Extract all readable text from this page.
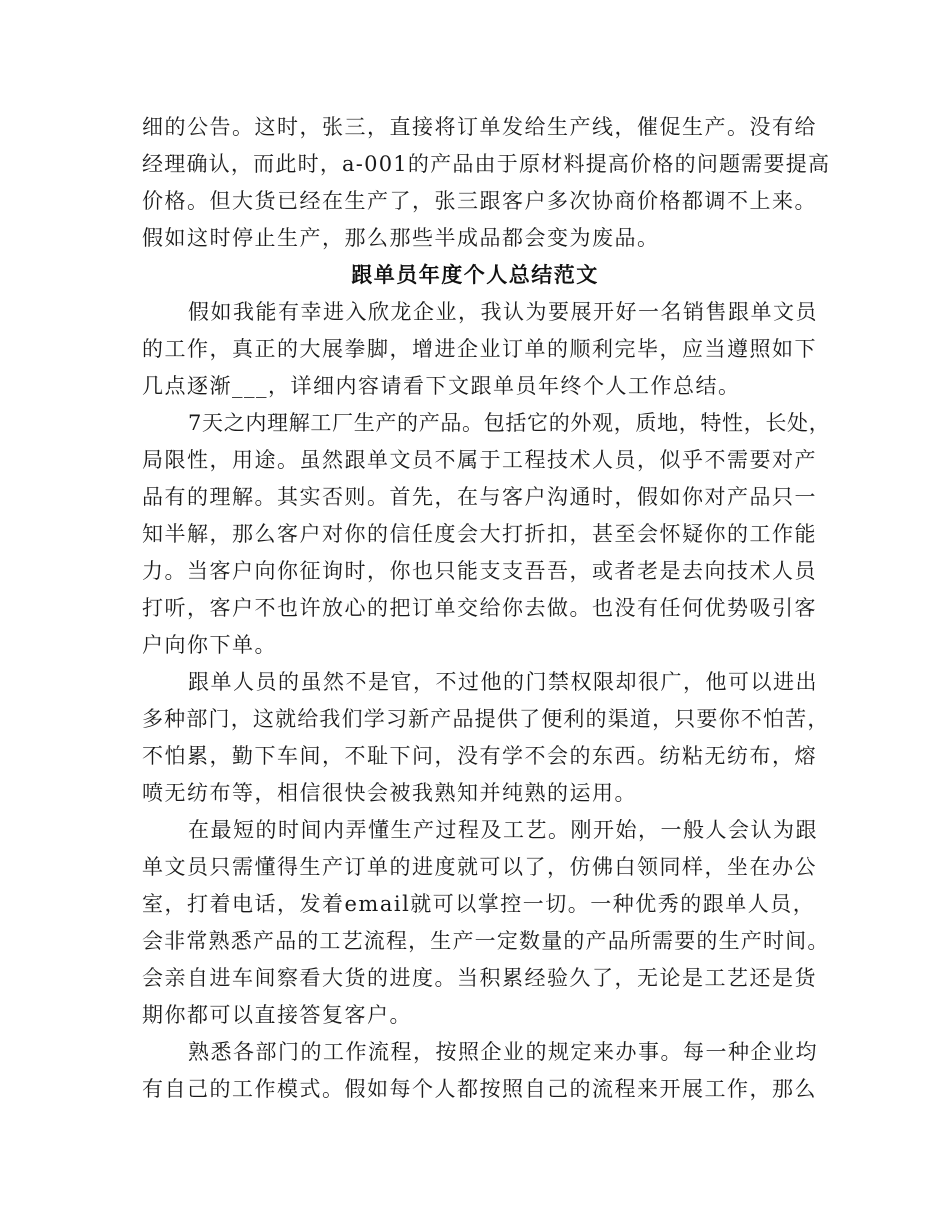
细的公告。这时，张三，直接将订单发给生产线，催促生产。没有给
经理确认，而此时，a-001的产品由于原材料提高价格的问题需要提高
价格。但大货已经在生产了，张三跟客户多次协商价格都调不上来。
假如这时停止生产，那么那些半成品都会变为废品。
跟单员年度个人总结范文
假如我能有幸进入欣龙企业，我认为要展开好一名销售跟单文员
的工作，真正的大展拳脚，增进企业订单的顺利完毕，应当遵照如下
几点逐渐___，详细内容请看下文跟单员年终个人工作总结。
7天之内理解工厂生产的产品。包括它的外观，质地，特性，长处，
局限性，用途。虽然跟单文员不属于工程技术人员，似乎不需要对产
品有的理解。其实否则。首先，在与客户沟通时，假如你对产品只一
知半解，那么客户对你的信任度会大打折扣，甚至会怀疑你的工作能
力。当客户向你征询时，你也只能支支吾吾，或者老是去向技术人员
打听，客户不也许放心的把订单交给你去做。也没有任何优势吸引客
户向你下单。
跟单人员的虽然不是官，不过他的门禁权限却很广，他可以进出
多种部门，这就给我们学习新产品提供了便利的渠道，只要你不怕苦，
不怕累，勤下车间，不耻下问，没有学不会的东西。纺粘无纺布，熔
喷无纺布等，相信很快会被我熟知并纯熟的运用。
在最短的时间内弄懂生产过程及工艺。刚开始，一般人会认为跟
单文员只需懂得生产订单的进度就可以了，仿佛白领同样，坐在办公
室，打着电话，发着email就可以掌控一切。一种优秀的跟单人员，
会非常熟悉产品的工艺流程，生产一定数量的产品所需要的生产时间。
会亲自进车间察看大货的进度。当积累经验久了，无论是工艺还是货
期你都可以直接答复客户。
熟悉各部门的工作流程，按照企业的规定来办事。每一种企业均
有自己的工作模式。假如每个人都按照自己的流程来开展工作，那么
